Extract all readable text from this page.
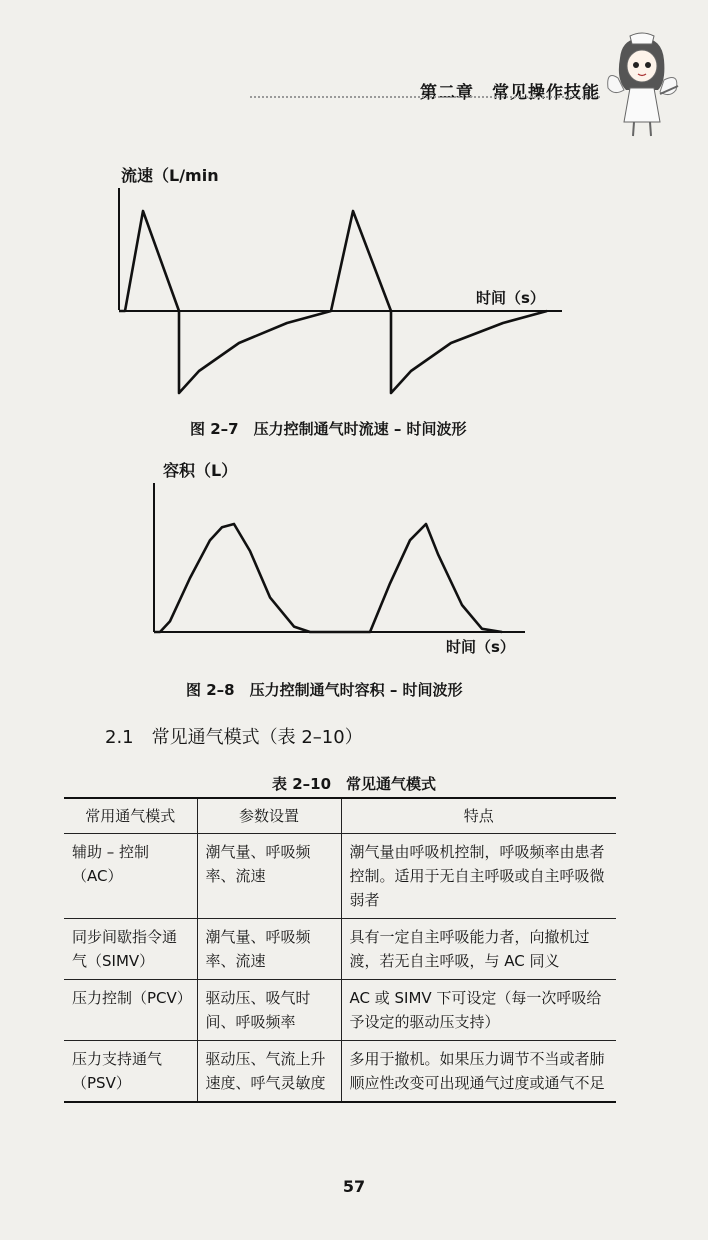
第二章　常见操作技能
流速（L/min
时间（s）
图 2–7　压力控制通气时流速 – 时间波形
容积（L）
时间（s）
图 2–8　压力控制通气时容积 – 时间波形
2.1　常见通气模式（表 2–10）
表 2–10　常见通气模式
常用通气模式	参数设置	特点
辅助 – 控制（AC）	潮气量、呼吸频率、流速	潮气量由呼吸机控制，呼吸频率由患者控制。适用于无自主呼吸或自主呼吸微弱者
同步间歇指令通气（SIMV）	潮气量、呼吸频率、流速	具有一定自主呼吸能力者，向撤机过渡，若无自主呼吸，与 AC 同义
压力控制（PCV）	驱动压、吸气时间、呼吸频率	AC 或 SIMV 下可设定（每一次呼吸给予设定的驱动压支持）
压力支持通气（PSV）	驱动压、气流上升速度、呼气灵敏度	多用于撤机。如果压力调节不当或者肺顺应性改变可出现通气过度或通气不足
57
